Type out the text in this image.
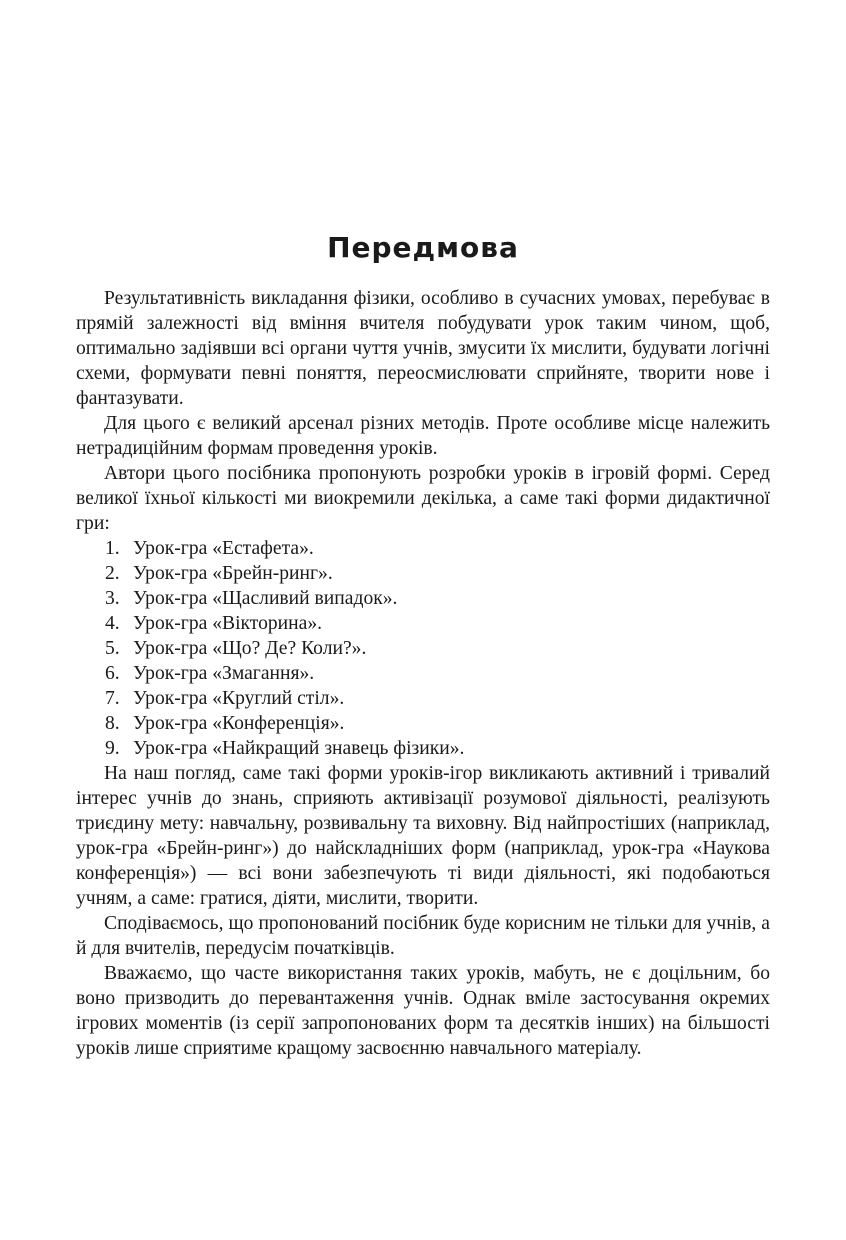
Передмова

Результативність викладання фізики, особливо в сучасних умовах, перебуває в прямій залежності від вміння вчителя побудувати урок таким чином, щоб, оптимально задіявши всі органи чуття учнів, змусити їх мислити, будувати логічні схеми, формувати певні поняття, переосмислювати сприйняте, творити нове і фантазувати.

Для цього є великий арсенал різних методів. Проте особливе місце належить нетрадиційним формам проведення уроків.

Автори цього посібника пропонують розробки уроків в ігровій формі. Серед великої їхньої кількості ми виокремили декілька, а саме такі форми дидактичної гри:

1. Урок-гра «Естафета».
2. Урок-гра «Брейн-ринг».
3. Урок-гра «Щасливий випадок».
4. Урок-гра «Вікторина».
5. Урок-гра «Що? Де? Коли?».
6. Урок-гра «Змагання».
7. Урок-гра «Круглий стіл».
8. Урок-гра «Конференція».
9. Урок-гра «Найкращий знавець фізики».

На наш погляд, саме такі форми уроків-ігор викликають активний і тривалий інтерес учнів до знань, сприяють активізації розумової діяльності, реалізують триєдину мету: навчальну, розвивальну та виховну. Від найпростіших (наприклад, урок-гра «Брейн-ринг») до найскладніших форм (наприклад, урок-гра «Наукова конференція») — всі вони забезпечують ті види діяльності, які подобаються учням, а саме: гратися, діяти, мислити, творити.

Сподіваємось, що пропонований посібник буде корисним не тільки для учнів, а й для вчителів, передусім початківців.

Вважаємо, що часте використання таких уроків, мабуть, не є доцільним, бо воно призводить до перевантаження учнів. Однак вміле застосування окремих ігрових моментів (із серії запропонованих форм та десятків інших) на більшості уроків лише сприятиме кращому засвоєнню навчального матеріалу.
